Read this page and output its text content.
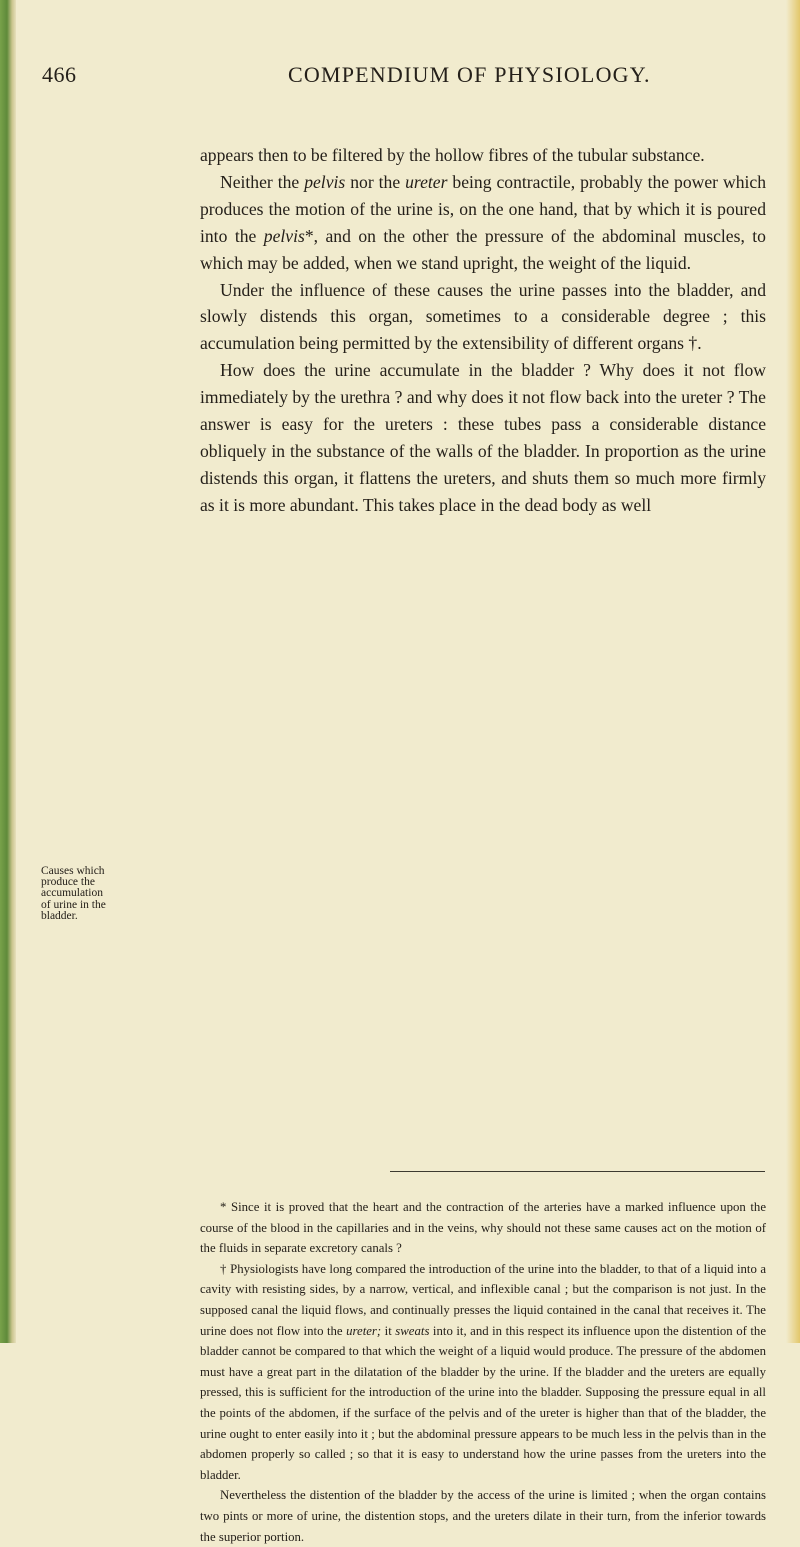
466	COMPENDIUM OF PHYSIOLOGY.
Causes which
produce the
accumulation
of urine in the
bladder.

appears then to be filtered by the hollow fibres of the tubular substance.

Neither the pelvis nor the ureter being contractile, probably the power which produces the motion of the urine is, on the one hand, that by which it is poured into the pelvis*, and on the other the pressure of the abdominal muscles, to which may be added, when we stand upright, the weight of the liquid.

Under the influence of these causes the urine passes into the bladder, and slowly distends this organ, sometimes to a considerable degree ; this accumulation being permitted by the extensibility of different organs †.

How does the urine accumulate in the bladder ? Why does it not flow immediately by the urethra ? and why does it not flow back into the ureter ? The answer is easy for the ureters : these tubes pass a considerable distance obliquely in the substance of the walls of the bladder. In proportion as the urine distends this organ, it flattens the ureters, and shuts them so much more firmly as it is more abundant. This takes place in the dead body as well

* Since it is proved that the heart and the contraction of the arteries have a marked influence upon the course of the blood in the capillaries and in the veins, why should not these same causes act on the motion of the fluids in separate excretory canals ?

† Physiologists have long compared the introduction of the urine into the bladder, to that of a liquid into a cavity with resisting sides, by a narrow, vertical, and inflexible canal ; but the comparison is not just. In the supposed canal the liquid flows, and continually presses the liquid contained in the canal that receives it. The urine does not flow into the ureter; it sweats into it, and in this respect its influence upon the distention of the bladder cannot be compared to that which the weight of a liquid would produce. The pressure of the abdomen must have a great part in the dilatation of the bladder by the urine. If the bladder and the ureters are equally pressed, this is sufficient for the introduction of the urine into the bladder. Supposing the pressure equal in all the points of the abdomen, if the surface of the pelvis and of the ureter is higher than that of the bladder, the urine ought to enter easily into it ; but the abdominal pressure appears to be much less in the pelvis than in the abdomen properly so called ; so that it is easy to understand how the urine passes from the ureters into the bladder.

Nevertheless the distention of the bladder by the access of the urine is limited ; when the organ contains two pints or more of urine, the distention stops, and the ureters dilate in their turn, from the inferior towards the superior portion.
